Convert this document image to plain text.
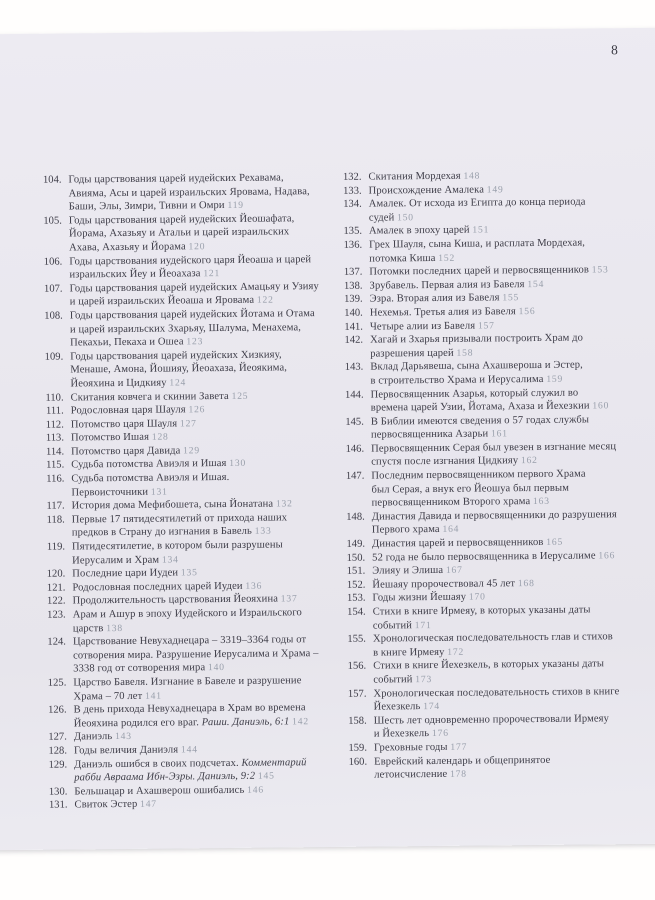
8
104. Годы царствования царей иудейских Рехавама,
Авияма, Асы и царей израильских Яровама, Надава,
Баши, Элы, Зимри, Тивни и Омри 119
105. Годы царствования царей иудейских Йеошафата,
Йорама, Ахазьяу и Атальи и царей израильских
Ахава, Ахазьяу и Йорама 120
106. Годы царствования иудейского царя Йеоаша и царей
израильских Йеу и Йеоахаза 121
107. Годы царствования царей иудейских Амацьяу и Узияу
и царей израильских Йеоаша и Яровама 122
108. Годы царствования царей иудейских Йотама и Отама
и царей израильских Зхарьяу, Шалума, Менахема,
Пекахьи, Пекаха и Ошеа 123
109. Годы царствования царей иудейских Хизкияу,
Менаше, Амона, Йошияу, Йеоахаза, Йеоякима,
Йеояхина и Цидкияу 124
110. Скитания ковчега и скинии Завета 125
111. Родословная царя Шауля 126
112. Потомство царя Шауля 127
113. Потомство Ишая 128
114. Потомство царя Давида 129
115. Судьба потомства Авиэля и Ишая 130
116. Судьба потомства Авиэля и Ишая.
Первоисточники 131
117. История дома Мефибошета, сына Йонатана 132
118. Первые 17 пятидесятилетий от прихода наших
предков в Страну до изгнания в Бавель 133
119. Пятидесятилетие, в котором были разрушены
Иерусалим и Храм 134
120. Последние цари Иудеи 135
121. Родословная последних царей Иудеи 136
122. Продолжительность царствования Йеояхина 137
123. Арам и Ашур в эпоху Иудейского и Израильского
царств 138
124. Царствование Невухаднецара – 3319–3364 годы от
сотворения мира. Разрушение Иерусалима и Храма –
3338 год от сотворения мира 140
125. Царство Бавеля. Изгнание в Бавеле и разрушение
Храма – 70 лет 141
126. В день прихода Невухаднецара в Храм во времена
Йеояхина родился его враг. Раши. Даниэль, 6:1 142
127. Даниэль 143
128. Годы величия Даниэля 144
129. Даниэль ошибся в своих подсчетах. Комментарий
рабби Авраама Ибн-Эзры. Даниэль, 9:2 145
130. Бельшацар и Ахашверош ошибались 146
131. Свиток Эстер 147
132. Скитания Мордехая 148
133. Происхождение Амалека 149
134. Амалек. От исхода из Египта до конца периода
судей 150
135. Амалек в эпоху царей 151
136. Грех Шауля, сына Киша, и расплата Мордехая,
потомка Киша 152
137. Потомки последних царей и первосвященников 153
138. Зрубавель. Первая алия из Бавеля 154
139. Эзра. Вторая алия из Бавеля 155
140. Нехемья. Третья алия из Бавеля 156
141. Четыре алии из Бавеля 157
142. Хагай и Зхарья призывали построить Храм до
разрешения царей 158
143. Вклад Дарьявеша, сына Ахашвероша и Эстер,
в строительство Храма и Иерусалима 159
144. Первосвященник Азарья, который служил во
времена царей Узии, Йотама, Ахаза и Йехезкии 160
145. В Библии имеются сведения о 57 годах службы
первосвященника Азарьи 161
146. Первосвященник Серая был увезен в изгнание месяц
спустя после изгнания Цидкияу 162
147. Последним первосвященником первого Храма
был Серая, а внук его Йеошуа был первым
первосвященником Второго храма 163
148. Династия Давида и первосвященники до разрушения
Первого храма 164
149. Династия царей и первосвященников 165
150. 52 года не было первосвященника в Иерусалиме 166
151. Элияу и Элиша 167
152. Йешаяу пророчествовал 45 лет 168
153. Годы жизни Йешаяу 170
154. Стихи в книге Ирмеяу, в которых указаны даты
событий 171
155. Хронологическая последовательность глав и стихов
в книге Ирмеяу 172
156. Стихи в книге Йехезкель, в которых указаны даты
событий 173
157. Хронологическая последовательность стихов в книге
Йехезкель 174
158. Шесть лет одновременно пророчествовали Ирмеяу
и Йехезкель 176
159. Греховные годы 177
160. Еврейский календарь и общепринятое
летоисчисление 178
